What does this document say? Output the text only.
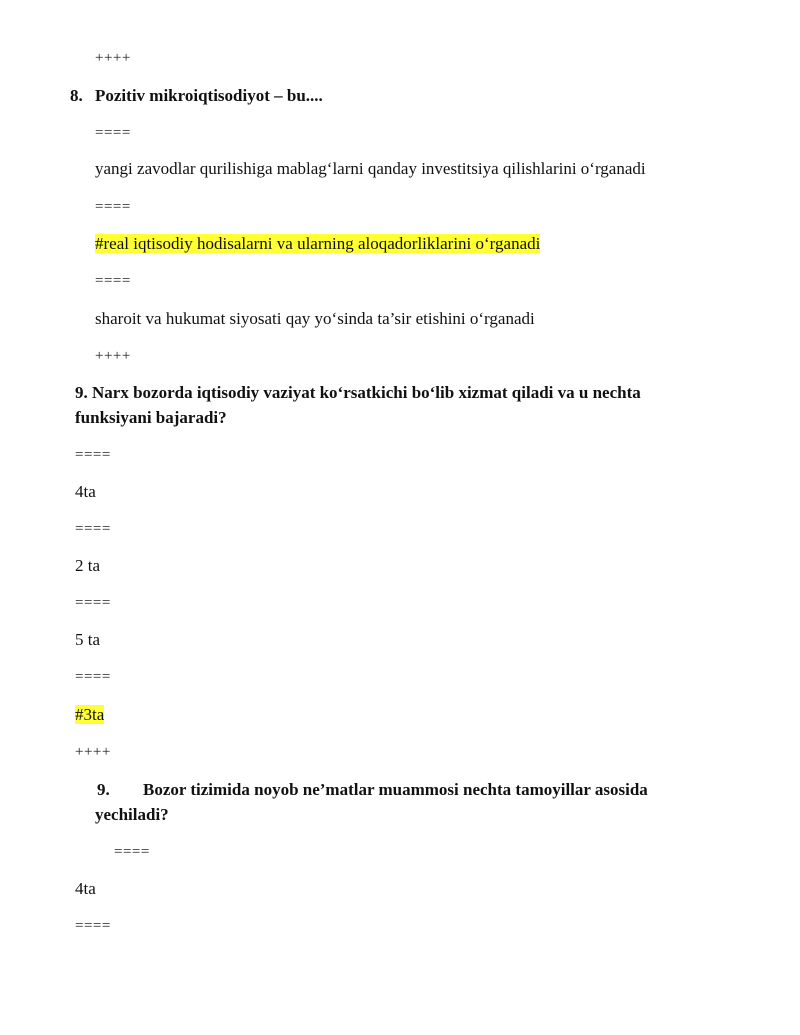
++++
8. Pozitiv mikroiqtisodiyot – bu....
====
yangi zavodlar qurilishiga mablag‘larni qanday investitsiya qilishlarini o‘rganadi
====
#real iqtisodiy hodisalarni va ularning aloqadorliklarini o‘rganadi
====
sharoit va hukumat siyosati qay yo‘sinda ta’sir etishini o‘rganadi
++++
9. Narx bozorda iqtisodiy vaziyat ko‘rsatkichi bo‘lib xizmat qiladi va u nechta
funksiyani bajaradi?
====
4ta
====
2 ta
====
5 ta
====
#3ta
++++
9. Bozor tizimida noyob ne’matlar muammosi nechta tamoyillar asosida
yechiladi?
====
4ta
====
